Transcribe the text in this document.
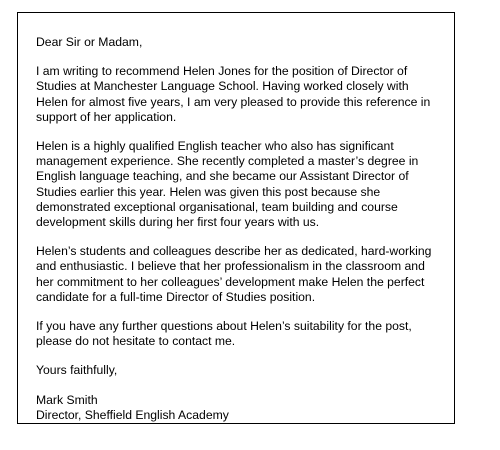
Dear Sir or Madam,

I am writing to recommend Helen Jones for the position of Director of Studies at Manchester Language School. Having worked closely with Helen for almost five years, I am very pleased to provide this reference in support of her application.

Helen is a highly qualified English teacher who also has significant management experience. She recently completed a master’s degree in English language teaching, and she became our Assistant Director of Studies earlier this year. Helen was given this post because she demonstrated exceptional organisational, team building and course development skills during her first four years with us.

Helen’s students and colleagues describe her as dedicated, hard-working and enthusiastic. I believe that her professionalism in the classroom and her commitment to her colleagues’ development make Helen the perfect candidate for a full-time Director of Studies position.

If you have any further questions about Helen’s suitability for the post, please do not hesitate to contact me.

Yours faithfully,

Mark Smith

Director, Sheffield English Academy
